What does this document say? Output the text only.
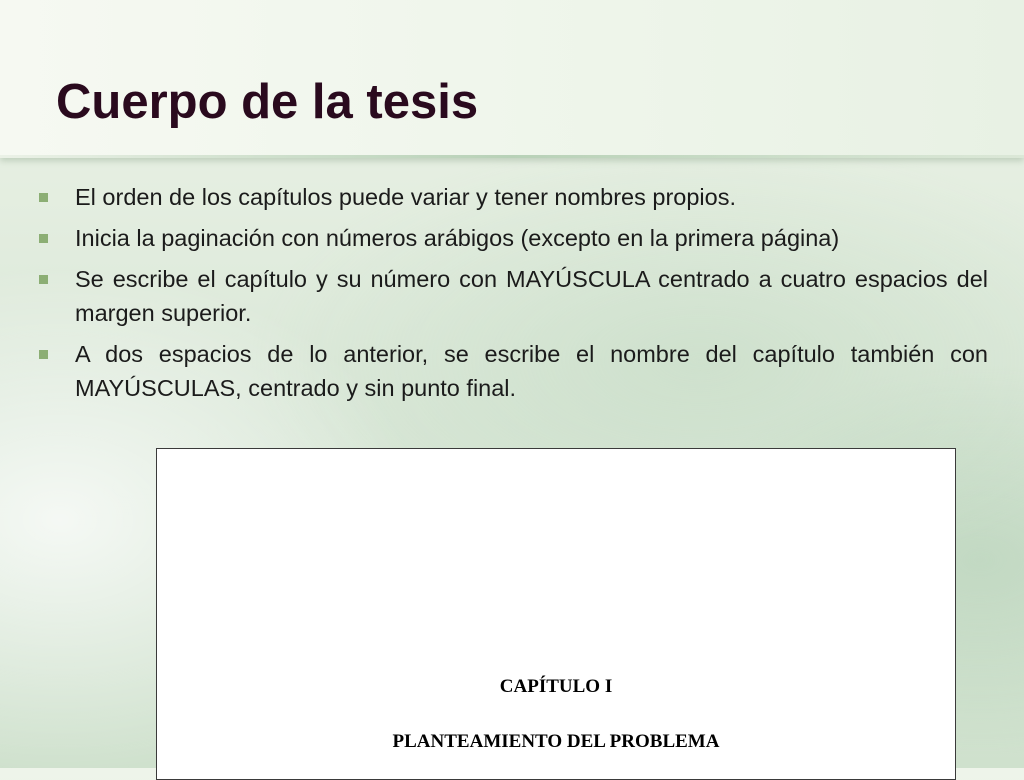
Cuerpo de la tesis
El orden de los capítulos puede variar y tener nombres propios.
Inicia la paginación con números arábigos (excepto en la primera página)
Se escribe el capítulo y su número con MAYÚSCULA centrado a cuatro espacios del margen superior.
A dos espacios de lo anterior, se escribe el nombre del capítulo también con MAYÚSCULAS, centrado y sin punto final.
CAPÍTULO I
PLANTEAMIENTO DEL PROBLEMA
